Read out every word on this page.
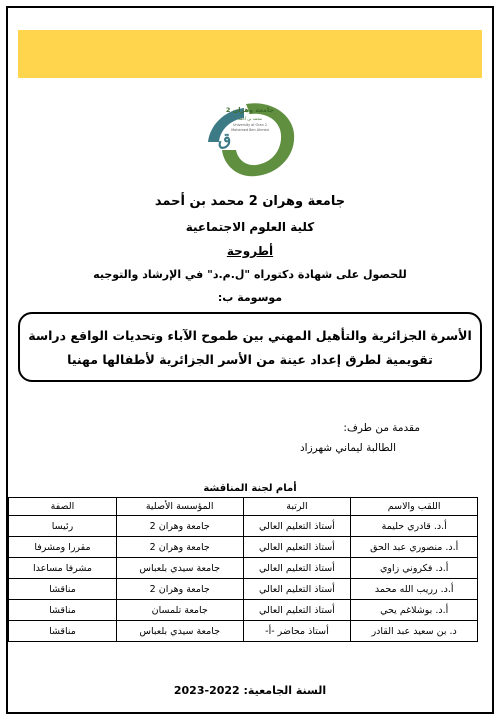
ق
جامعة وهران 2
محمد بن أحمد
University of Oran 2
Mohamed Ben Ahmed
جامعة وهران 2 محمد بن أحمد
كلية العلوم الاجتماعية
أطروحة
للحصول على شهادة دكتوراه "ل.م.د" في الإرشاد والتوجيه
موسومة ب:
الأسرة الجزائرية والتأهيل المهني بين طموح الآباء وتحديات الواقع دراسة
تقويمية لطرق إعداد عينة من الأسر الجزائرية لأطفالها مهنيا
مقدمة من طرف:
الطالبة ليماني شهرزاد
أمام لجنة المناقشة
اللقب والاسم	الرتبة	المؤسسة الأصلية	الصفة
أ.د. قادري حليمة	أستاذ التعليم العالي	جامعة وهران 2	رئيسا
أ.د. منصوري عبد الحق	أستاذ التعليم العالي	جامعة وهران 2	مقررا ومشرفا
أ.د. فكروني زاوي	أستاذ التعليم العالي	جامعة سيدي بلعباس	مشرفا مساعدا
أ.د. رريب الله محمد	أستاذ التعليم العالي	جامعة وهران 2	مناقشا
أ.د. بوشلاغم يحي	أستاذ التعليم العالي	جامعة تلمسان	مناقشا
د. بن سعيد عبد القادر	أستاذ محاضر -أ-	جامعة سيدي بلعباس	مناقشا
السنة الجامعية: 2022-2023
